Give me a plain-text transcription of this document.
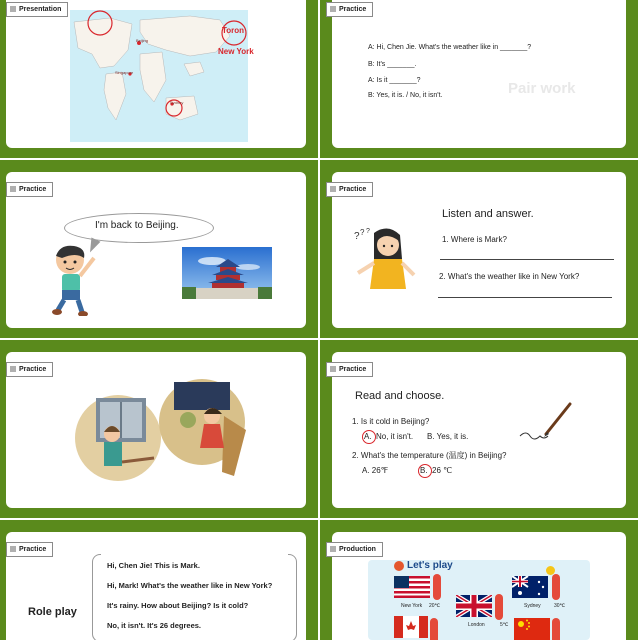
Presentation
Toron
New York
Beijing
Singapore
Sydney
Practice
A: Hi, Chen Jie. What's the weather like in _______?
B: It's _______.
A: Is it _______?
B: Yes, it is. / No, it isn't.	Pair work
Practice
I'm back to Beijing.
Practice
? ? ?
Listen and answer.
1. Where is Mark?
2. What's the weather like in New York?
Practice	Practice
Read and choose.
1. Is it cold in Beijing?
A. No, it isn't. B. Yes, it is.
2. What's the temperature (温度) in Beijing?
A. 26℉	B. 26 ℃
Practice
Role play
Hi, Chen Jie! This is Mark.
Hi, Mark! What's the weather like in New York?
It's rainy. How about Beijing? Is it cold?
No, it isn't. It's 26 degrees.
Production
Let's play
New York 20℃
London	5℃
Sydney	30℃
